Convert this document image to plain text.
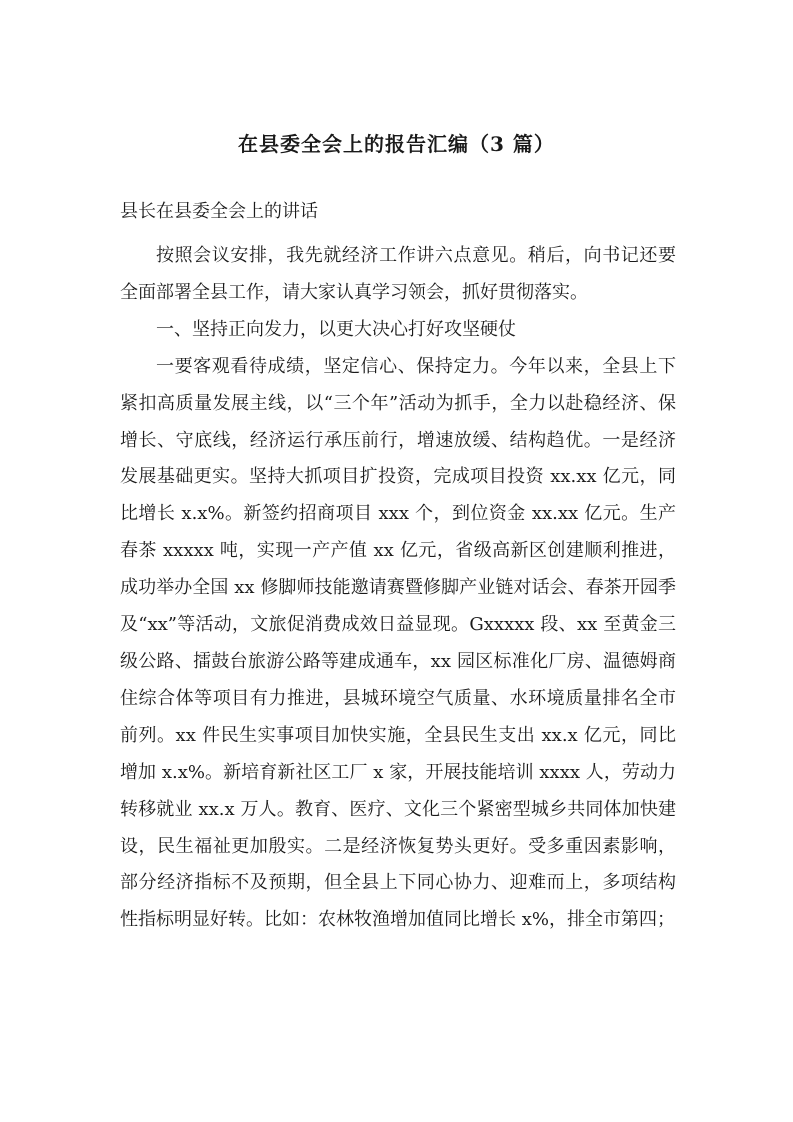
在县委全会上的报告汇编（3 篇）
县长在县委全会上的讲话

按照会议安排，我先就经济工作讲六点意见。稍后，向书记还要全面部署全县工作，请大家认真学习领会，抓好贯彻落实。

一、坚持正向发力，以更大决心打好攻坚硬仗

一要客观看待成绩，坚定信心、保持定力。今年以来，全县上下紧扣高质量发展主线，以“三个年”活动为抓手，全力以赴稳经济、保增长、守底线，经济运行承压前行，增速放缓、结构趋优。一是经济发展基础更实。坚持大抓项目扩投资，完成项目投资 xx.xx 亿元，同比增长 x.x%。新签约招商项目 xxx 个，到位资金 xx.xx 亿元。生产春茶 xxxxx 吨，实现一产产值 xx 亿元，省级高新区创建顺利推进，成功举办全国 xx 修脚师技能邀请赛暨修脚产业链对话会、春茶开园季及“xx”等活动，文旅促消费成效日益显现。Gxxxxx 段、xx 至黄金三级公路、擂鼓台旅游公路等建成通车，xx 园区标准化厂房、温德姆商住综合体等项目有力推进，县城环境空气质量、水环境质量排名全市前列。xx 件民生实事项目加快实施，全县民生支出 xx.x 亿元，同比增加 x.x%。新培育新社区工厂 x 家，开展技能培训 xxxx 人，劳动力转移就业 xx.x 万人。教育、医疗、文化三个紧密型城乡共同体加快建设，民生福祉更加殷实。二是经济恢复势头更好。受多重因素影响，部分经济指标不及预期，但全县上下同心协力、迎难而上，多项结构性指标明显好转。比如：农林牧渔增加值同比增长 x%，排全市第四；
